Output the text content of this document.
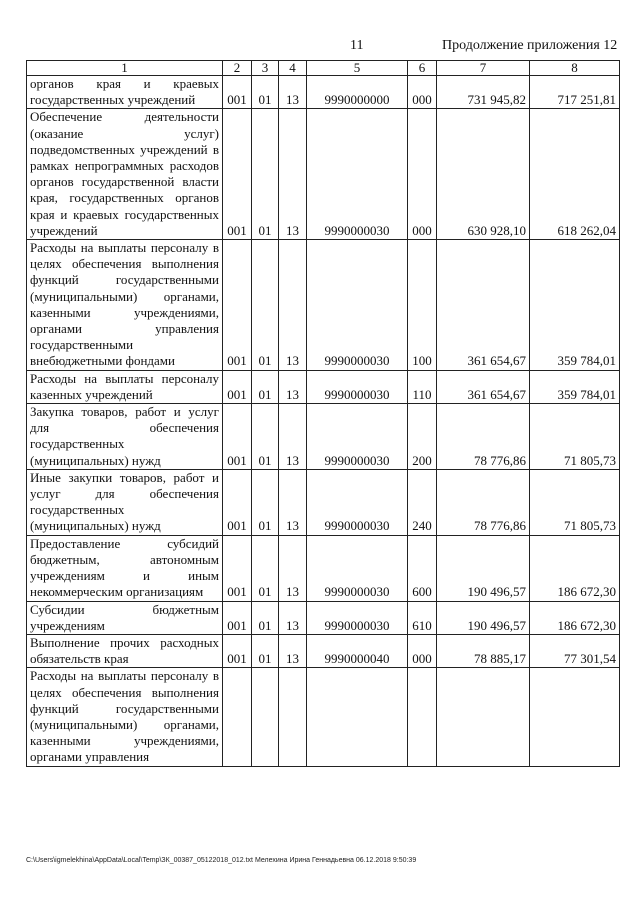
11	Продолжение приложения 12
1	2	3	4	5	6	7	8
органов края и краевых государственных учреждений	001	01	13	9990000000	000	731 945,82	717 251,81
Обеспечение деятельности (оказание услуг) подведомственных учреждений в рамках непрограммных расходов органов государственной власти края, государственных органов края и краевых государственных учреждений	001	01	13	9990000030	000	630 928,10	618 262,04
Расходы на выплаты персоналу в целях обеспечения выполнения функций государственными (муниципальными) органами, казенными учреждениями, органами управления государственными внебюджетными фондами	001	01	13	9990000030	100	361 654,67	359 784,01
Расходы на выплаты персоналу казенных учреждений	001	01	13	9990000030	110	361 654,67	359 784,01
Закупка товаров, работ и услуг для обеспечения государственных (муниципальных) нужд	001	01	13	9990000030	200	78 776,86	71 805,73
Иные закупки товаров, работ и услуг для обеспечения государственных (муниципальных) нужд	001	01	13	9990000030	240	78 776,86	71 805,73
Предоставление субсидий бюджетным, автономным учреждениям и иным некоммерческим организациям	001	01	13	9990000030	600	190 496,57	186 672,30
Субсидии бюджетным учреждениям	001	01	13	9990000030	610	190 496,57	186 672,30
Выполнение прочих расходных обязательств края	001	01	13	9990000040	000	78 885,17	77 301,54
Расходы на выплаты персоналу в целях обеспечения выполнения функций государственными (муниципальными) органами, казенными учреждениями, органами управления							
C:\Users\igmelekhina\AppData\Local\Temp\ЗК_00387_05122018_012.txt Мелехина Ирина Геннадьевна 06.12.2018 9:50:39
